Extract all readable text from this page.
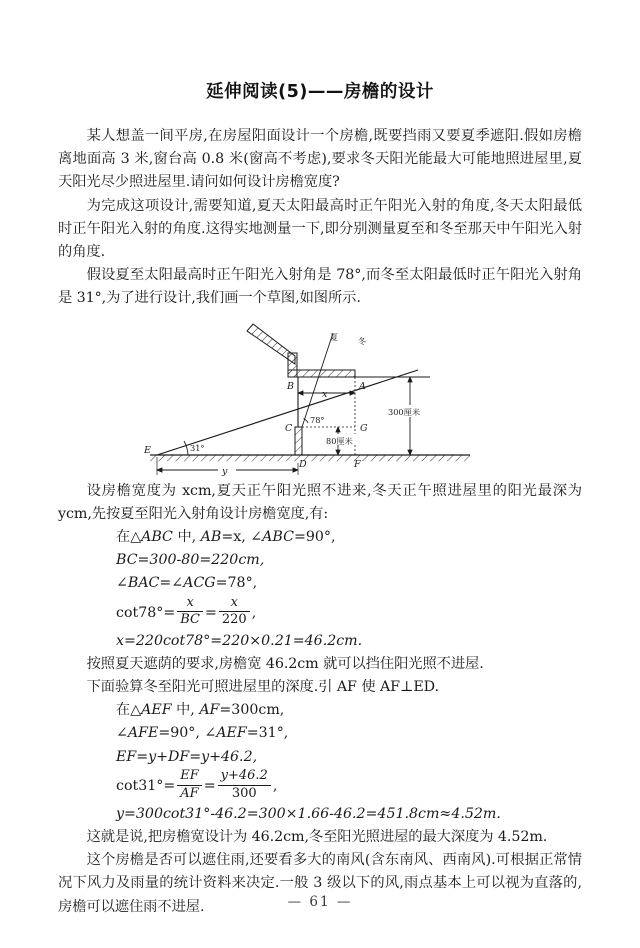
延伸阅读(5)——房檐的设计

某人想盖一间平房,在房屋阳面设计一个房檐,既要挡雨又要夏季遮阳.假如房檐离地面高 3 米,窗台高 0.8 米(窗高不考虑),要求冬天阳光能最大可能地照进屋里,夏天阳光尽少照进屋里.请问如何设计房檐宽度?

为完成这项设计,需要知道,夏天太阳最高时正午阳光入射的角度,冬天太阳最低时正午阳光入射的角度.这得实地测量一下,即分别测量夏至和冬至那天中午阳光入射的角度.

假设夏至太阳最高时正午阳光入射角是 78°,而冬至太阳最低时正午阳光入射角是 31°,为了进行设计,我们画一个草图,如图所示.

B	A
C	G
D	F
E
x
y
夏	冬
78°
31°
300厘米
80厘米

设房檐宽度为 xcm,夏天正午阳光照不进来,冬天正午照进屋里的阳光最深为 ycm,先按夏至阳光入射角设计房檐宽度,有:

在 △ ABC 中, AB=x, ∠ABC=90°,
BC=300-80=220cm,
∠BAC=∠ACG=78°,
$\cot 78^\circ= \frac{x}{BC} = \frac{x}{220}$ ,
x=220cot78°=220×0.21=46.2cm.

按照夏天遮荫的要求,房檐宽 46.2cm 就可以挡住阳光照不进屋.

下面验算冬至阳光可照进屋里的深度.引 AF 使 AF⊥ED.

在 △ AEF 中, AF=300cm,
∠AFE=90°, ∠AEF=31°,
EF=y+DF=y+46.2,
$\cot 31^\circ= \frac{EF}{AF} = \frac{y+46.2}{300}$ ,
y=300cot31°-46.2=300×1.66-46.2=451.8cm≈4.52m.

这就是说,把房檐宽设计为 46.2cm,冬至阳光照进屋的最大深度为 4.52m.

这个房檐是否可以遮住雨,还要看多大的南风(含东南风、西南风).可根据正常情况下风力及雨量的统计资料来决定.一般 3 级以下的风,雨点基本上可以视为直落的,房檐可以遮住雨不进屋.	— 61 —
